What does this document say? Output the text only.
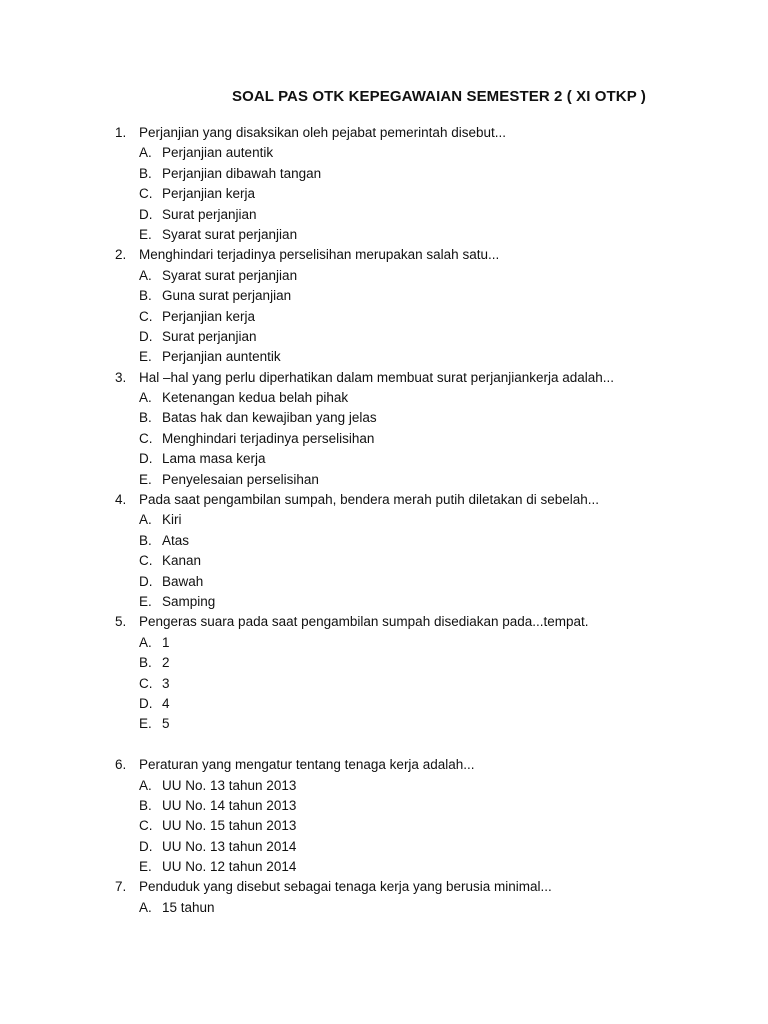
SOAL PAS OTK KEPEGAWAIAN SEMESTER 2 ( XI OTKP )
1. Perjanjian yang disaksikan oleh pejabat pemerintah disebut...
A. Perjanjian autentik
B. Perjanjian dibawah tangan
C. Perjanjian kerja
D. Surat perjanjian
E. Syarat surat perjanjian
2. Menghindari terjadinya perselisihan merupakan salah satu...
A. Syarat surat perjanjian
B. Guna surat perjanjian
C. Perjanjian kerja
D. Surat perjanjian
E. Perjanjian auntentik
3. Hal –hal yang perlu diperhatikan dalam membuat surat perjanjiankerja adalah...
A. Ketenangan kedua belah pihak
B. Batas hak dan kewajiban yang jelas
C. Menghindari terjadinya perselisihan
D. Lama masa kerja
E. Penyelesaian perselisihan
4. Pada saat pengambilan sumpah, bendera merah putih diletakan di sebelah...
A. Kiri
B. Atas
C. Kanan
D. Bawah
E. Samping
5. Pengeras suara pada saat pengambilan sumpah disediakan pada...tempat.
A. 1
B. 2
C. 3
D. 4
E. 5
6. Peraturan yang mengatur tentang tenaga kerja adalah...
A. UU No. 13 tahun 2013
B. UU No. 14 tahun 2013
C. UU No. 15 tahun 2013
D. UU No. 13 tahun 2014
E. UU No. 12 tahun 2014
7. Penduduk yang disebut sebagai tenaga kerja yang berusia minimal...
A. 15 tahun
